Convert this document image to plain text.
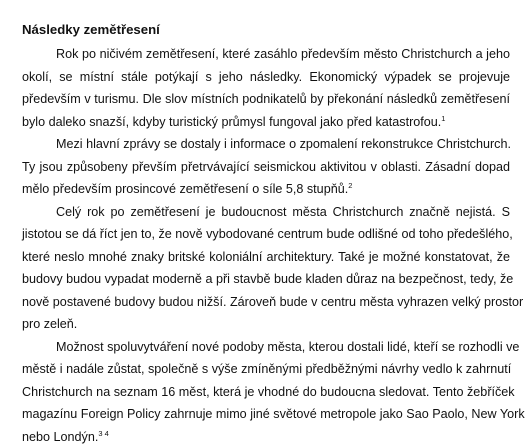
Následky zemětřesení
Rok po ničivém zemětřesení, které zasáhlo především město Christchurch a jeho
okolí, se místní stále potýkají s jeho následky. Ekonomický výpadek se projevuje
především v turismu. Dle slov místních podnikatelů by překonání následků zemětřesení
bylo daleko snazší, kdyby turistický průmysl fungoval jako před katastrofou.$^1$
Mezi hlavní zprávy se dostaly i informace o zpomalení rekonstrukce Christchurch.
Ty jsou způsobeny převším přetrvávající seismickou aktivitou v oblasti. Zásadní dopad
mělo především prosincové zemětřesení o síle 5,8 stupňů.$^2$
Celý rok po zemětřesení je budoucnost města Christchurch značně nejistá. S
jistotou se dá říct jen to, že nově vybodované centrum bude odlišné od toho předešlého,
které neslo mnohé znaky britské koloniální architektury. Také je možné konstatovat, že
budovy budou vypadat moderně a při stavbě bude kladen důraz na bezpečnost, tedy, že
nově postavené budovy budou nižší. Zároveň bude v centru města vyhrazen velký prostor
pro zeleň.
Možnost spoluvytváření nové podoby města, kterou dostali lidé, kteří se rozhodli ve
městě i nadále zůstat, společně s výše zmíněnými předběžnými návrhy vedlo k zahrnutí
Christchurch na seznam 16 měst, která je vhodné do budoucna sledovat. Tento žebříček
magazínu Foreign Policy zahrnuje mimo jiné světové metropole jako Sao Paolo, New York
nebo Londýn.$^{3 4}$
